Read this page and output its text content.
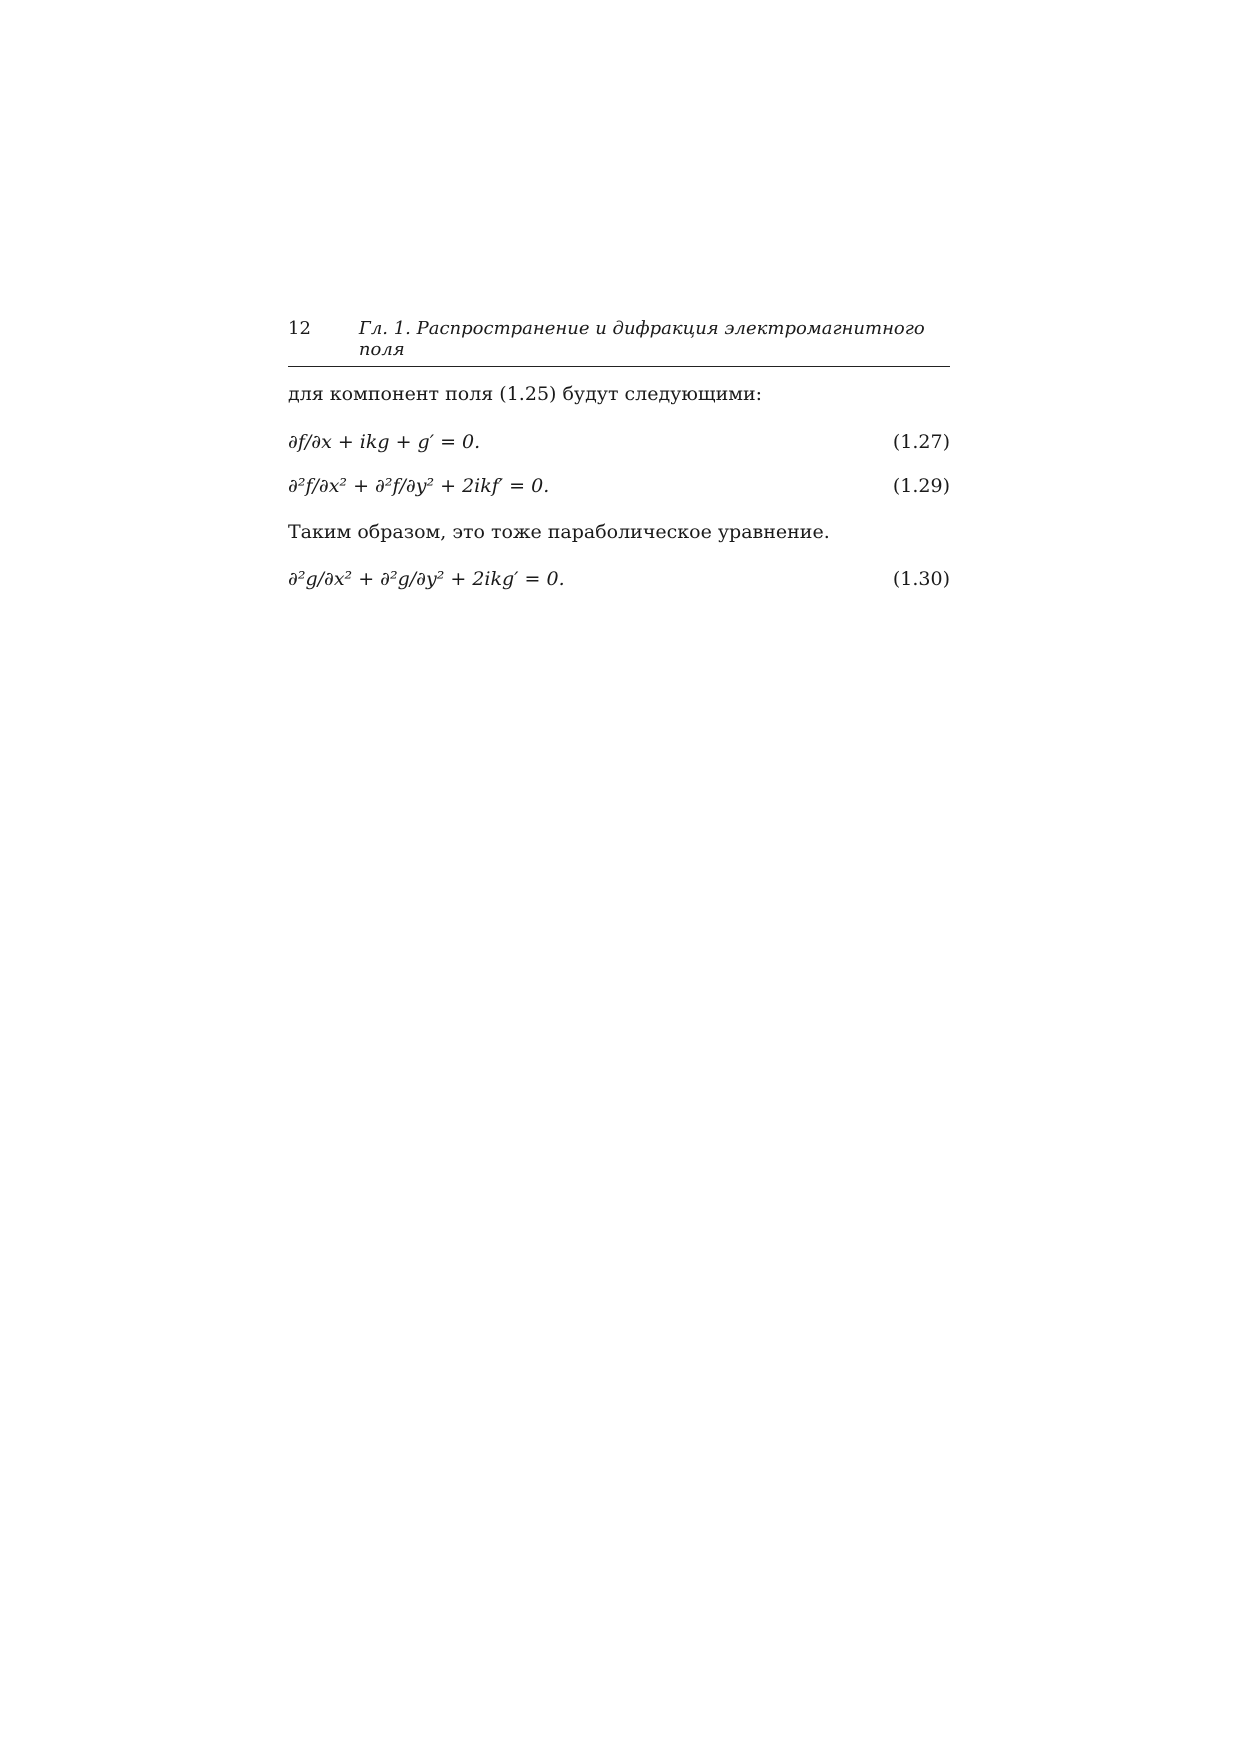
12	Гл. 1. Распространение и дифракция электромагнитного поля
для компонент поля (1.25) будут следующими:
∂f/∂x + ikg + g′ = 0.	(1.27)
∂²f/∂x² + ∂²f/∂y² + 2ikf′ = 0.	(1.29)
Таким образом, это тоже параболическое уравнение.
∂²g/∂x² + ∂²g/∂y² + 2ikg′ = 0.	(1.30)
